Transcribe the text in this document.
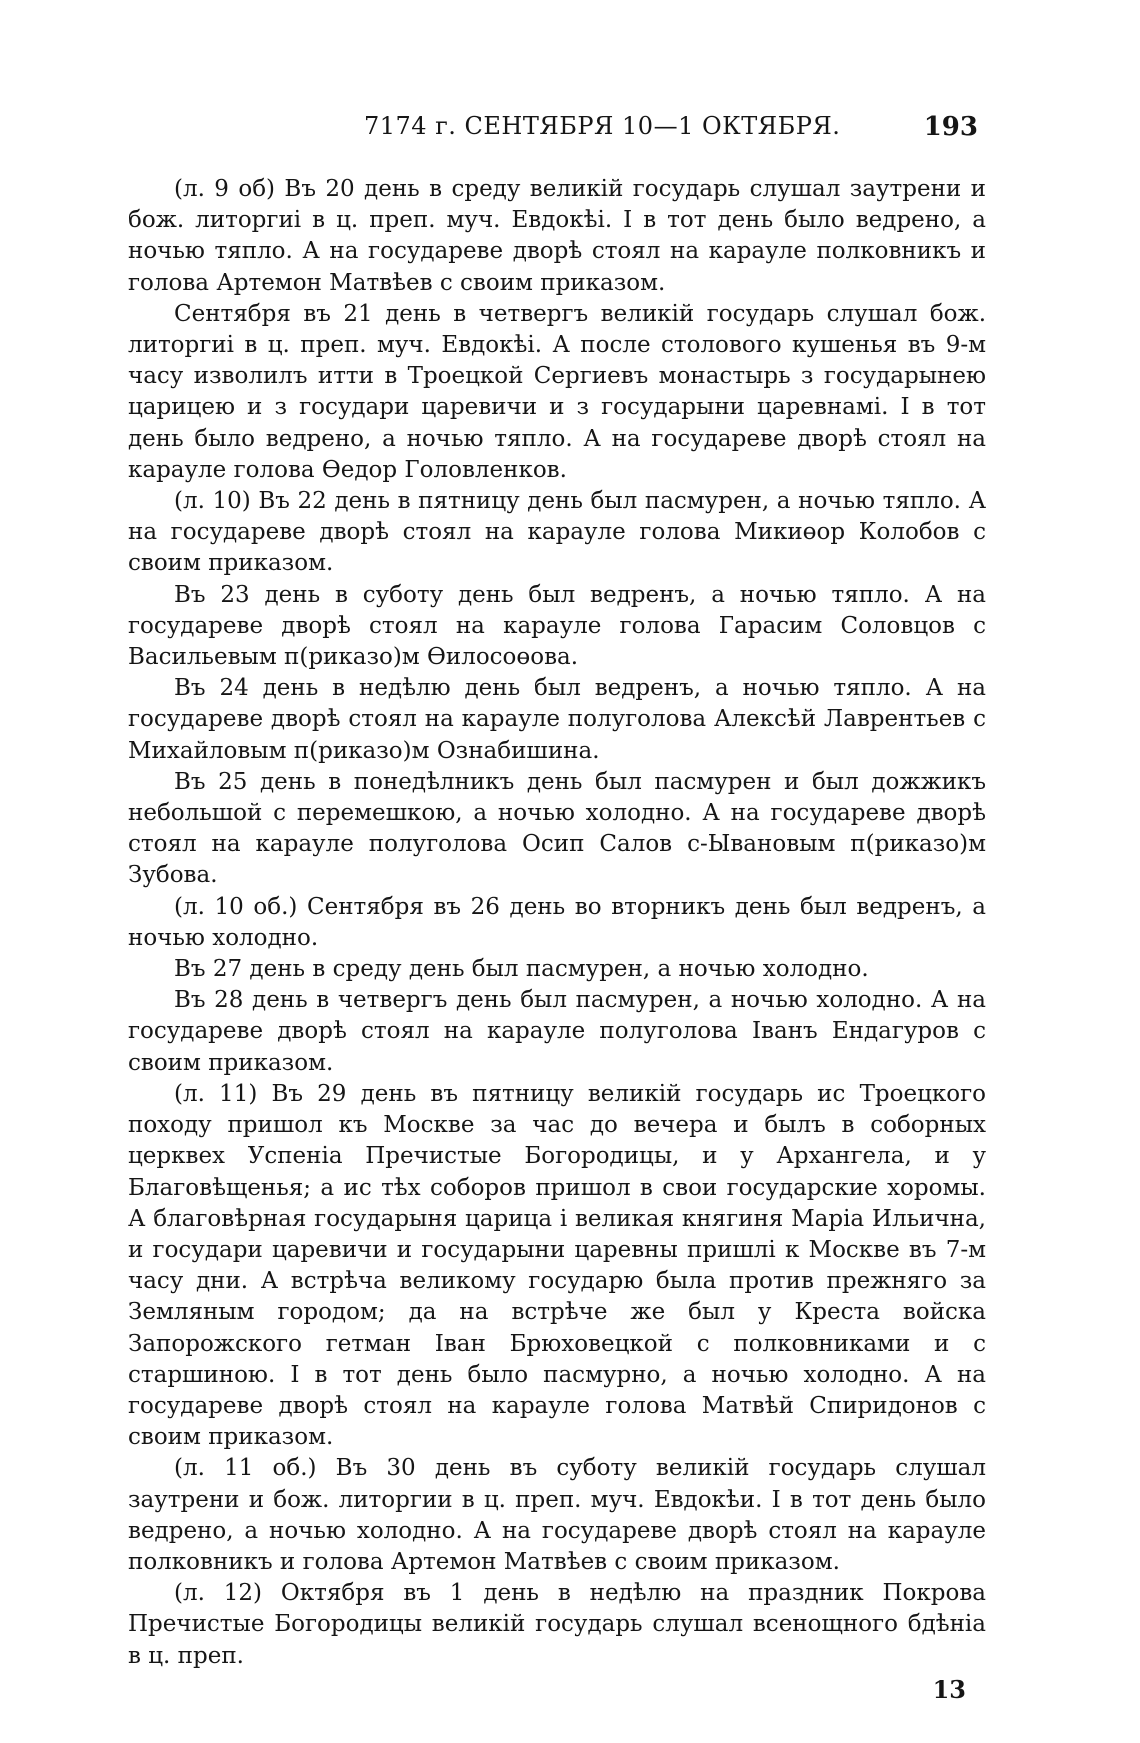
7174 г. СЕНТЯБРЯ 10—1 ОКТЯБРЯ.	193

(л. 9 об) Въ 20 день в среду великій государь слушал заутрени и бож. литоргиі в ц. преп. муч. Евдокѣі. I в тот день было ведрено, а ночью тяпло. А на государеве дворѣ стоял на карауле полковникъ и голова Артемон Матвѣев с своим приказом.

Сентября въ 21 день в четвергъ великій государь слушал бож. литоргиі в ц. преп. муч. Евдокѣі. А после столового кушенья въ 9-м часу изволилъ итти в Троецкой Сергиевъ монастырь з государынею царицею и з государи царевичи и з государыни царевнамі. I в тот день было ведрено, а ночью тяпло. А на государеве дворѣ стоял на карауле голова Өедор Головленков.

(л. 10) Въ 22 день в пятницу день был пасмурен, а ночью тяпло. А на государеве дворѣ стоял на карауле голова Микиөор Колобов с своим приказом.

Въ 23 день в суботу день был ведренъ, а ночью тяпло. А на государеве дворѣ стоял на карауле голова Гарасим Соловцов с Васильевым п(риказо)м Өилосоөова.

Въ 24 день в недѣлю день был ведренъ, а ночью тяпло. А на государеве дворѣ стоял на карауле полуголова Алексѣй Лаврентьев с Михайловым п(риказо)м Ознабишина.

Въ 25 день в понедѣлникъ день был пасмурен и был дожжикъ небольшой с перемешкою, а ночью холодно. А на государеве дворѣ стоял на карауле полуголова Осип Салов с-Ывановым п(риказо)м Зубова.

(л. 10 об.) Сентября въ 26 день во вторникъ день был ведренъ, а ночью холодно.

Въ 27 день в среду день был пасмурен, а ночью холодно.

Въ 28 день в четвергъ день был пасмурен, а ночью холодно. А на государеве дворѣ стоял на карауле полуголова Іванъ Ендагуров с своим приказом.

(л. 11) Въ 29 день въ пятницу великій государь ис Троецкого походу пришол къ Москве за час до вечера и былъ в соборных церквех Успеніа Пречистые Богородицы, и у Архангела, и у Благовѣщенья; а ис тѣх соборов пришол в свои государские хоромы. А благовѣрная государыня царица і великая княгиня Маріа Ильична, и государи царевичи и государыни царевны пришлі к Москве въ 7-м часу дни. А встрѣча великому государю была против прежняго за Земляным городом; да на встрѣче же был у Креста войска Запорожского гетман Іван Брюховецкой с полковниками и с старшиною. I в тот день было пасмурно, а ночью холодно. А на государеве дворѣ стоял на карауле голова Матвѣй Спиридонов с своим приказом.

(л. 11 об.) Въ 30 день въ суботу великій государь слушал заутрени и бож. литоргии в ц. преп. муч. Евдокѣи. I в тот день было ведрено, а ночью холодно. А на государеве дворѣ стоял на карауле полковникъ и голова Артемон Матвѣев с своим приказом.

(л. 12) Октября въ 1 день в недѣлю на праздник Покрова Пречистые Богородицы великій государь слушал всенощного бдѣніа в ц. преп.

13
